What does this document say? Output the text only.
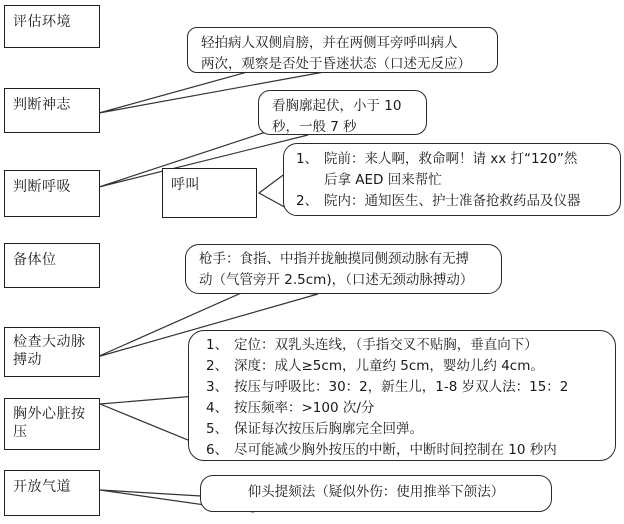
评估环境
判断神志
判断呼吸	呼叫
备体位
检查大动脉搏动
胸外心脏按压
开放气道
轻拍病人双侧肩膀，并在两侧耳旁呼叫病人
两次，观察是否处于昏迷状态（口述无反应）
看胸廓起伏，小于 10
秒，一般 7 秒
1、 院前：来人啊，救命啊！请 xx 打“120”然
后拿 AED 回来帮忙
2、 院内：通知医生、护士准备抢救药品及仪器
枪手：食指、中指并拢触摸同侧颈动脉有无搏
动（气管旁开 2.5cm)，（口述无颈动脉搏动）
1、 定位：双乳头连线，（手指交叉不贴胸，垂直向下）
2、 深度：成人≥5cm，儿童约 5cm，婴幼儿约 4cm。
3、 按压与呼吸比：30：2，新生儿，1-8 岁双人法：15：2
4、 按压频率：>100 次/分
5、 保证每次按压后胸廓完全回弹。
6、 尽可能减少胸外按压的中断，中断时间控制在 10 秒内
仰头提颏法（疑似外伤：使用推举下颌法）
